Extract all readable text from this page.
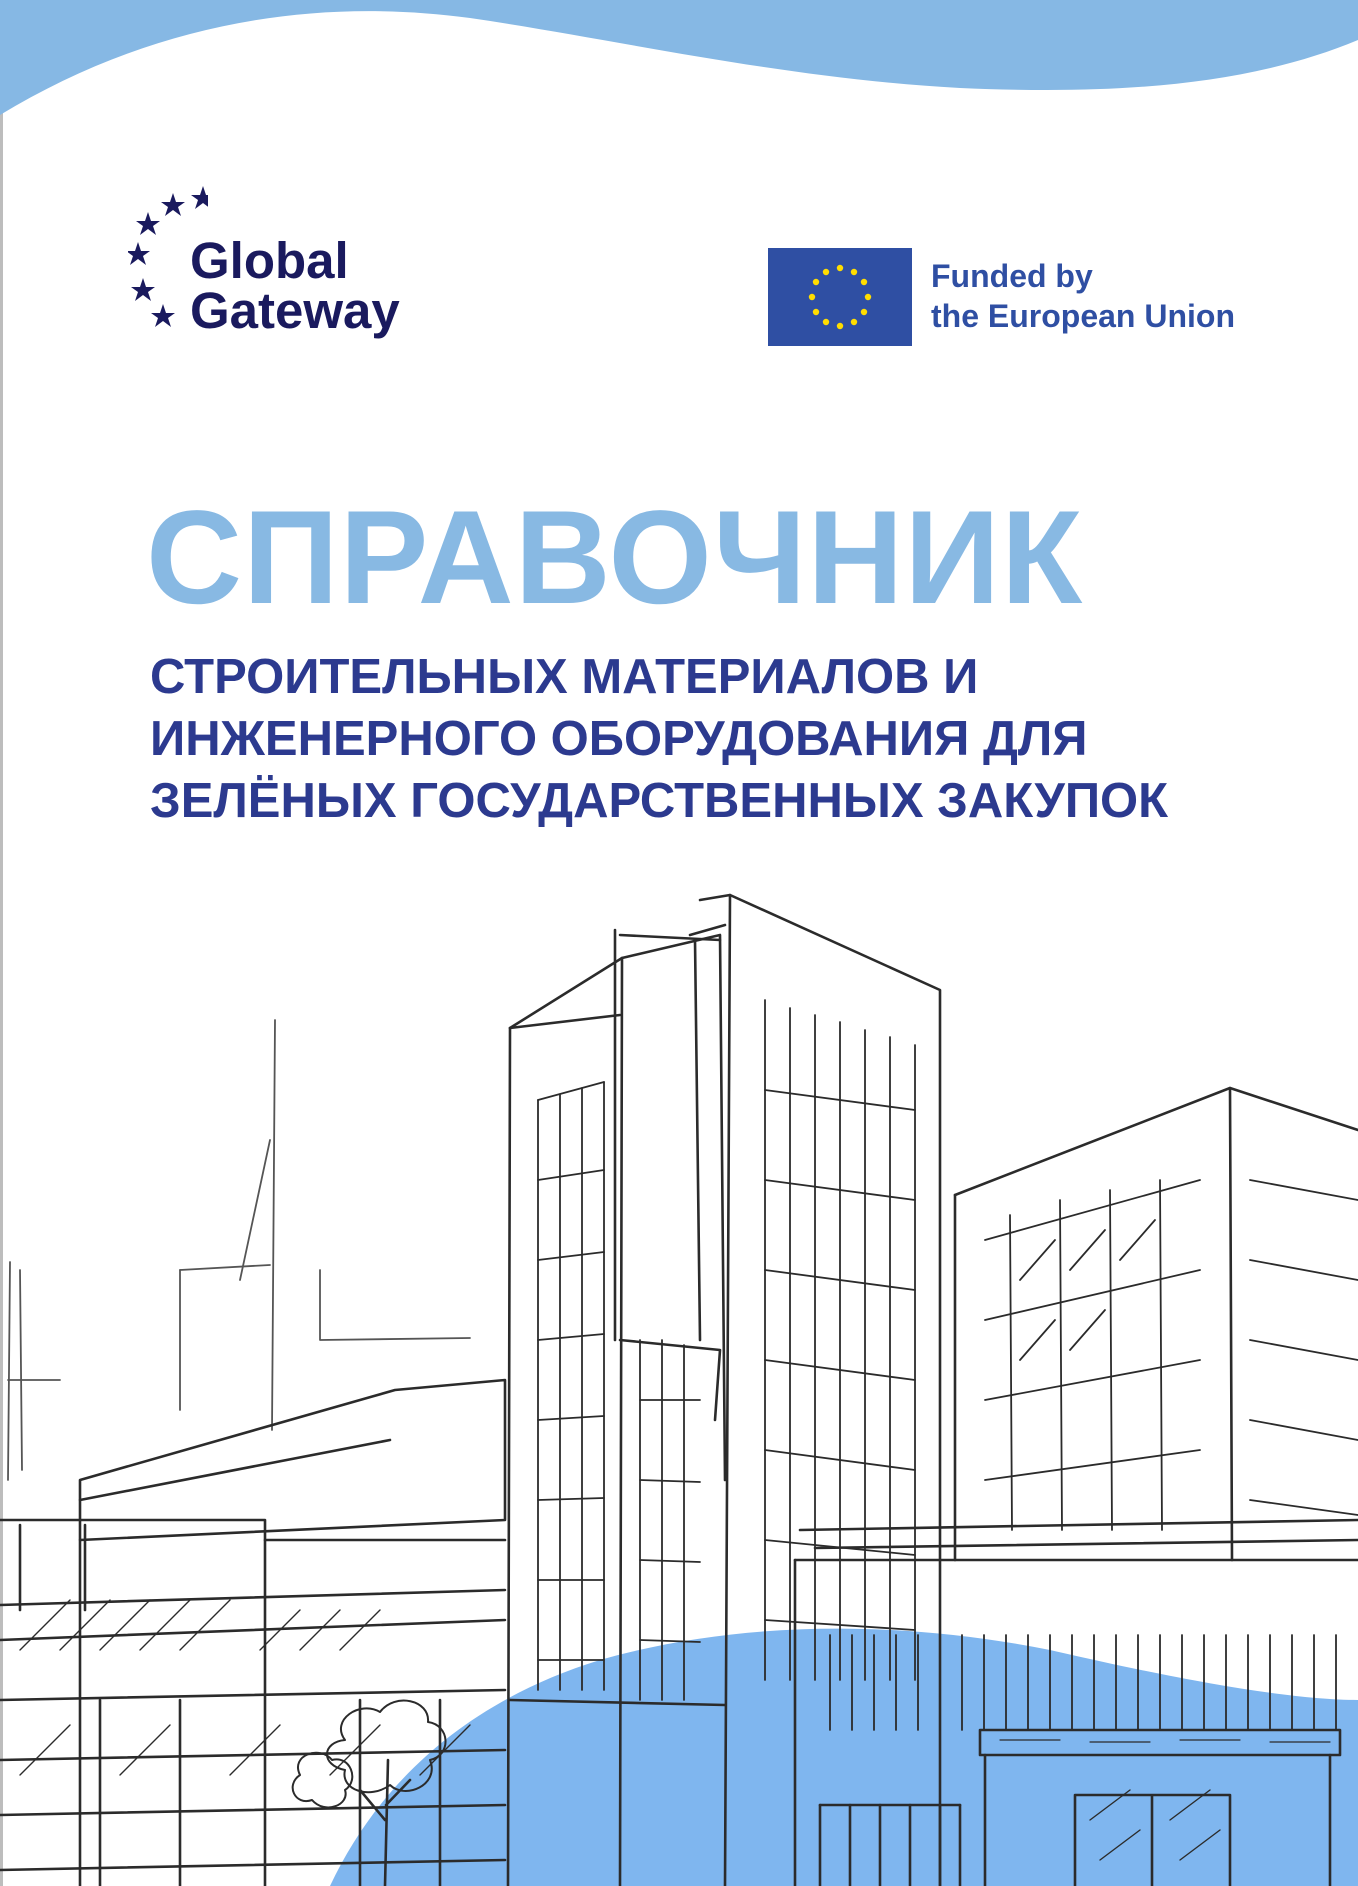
Global
Gateway
Funded by
the European Union
СПРАВОЧНИК
СТРОИТЕЛЬНЫХ МАТЕРИАЛОВ И
ИНЖЕНЕРНОГО ОБОРУДОВАНИЯ ДЛЯ
ЗЕЛЁНЫХ ГОСУДАРСТВЕННЫХ ЗАКУПОК
